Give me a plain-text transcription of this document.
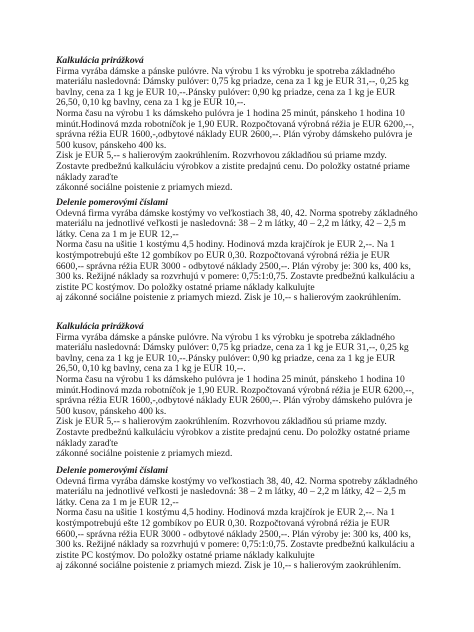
Kalkulácia prirážková
Firma vyrába dámske a pánske pulóvre. Na výrobu 1 ks výrobku je spotreba základného
materiálu nasledovná: Dámsky pulóver: 0,75 kg priadze, cena za 1 kg je EUR 31,--, 0,25 kg
bavlny, cena za 1 kg je EUR 10,--.Pánsky pulóver: 0,90 kg priadze, cena za 1 kg je EUR
26,50, 0,10 kg bavlny, cena za 1 kg je EUR 10,--.
Norma času na výrobu 1 ks dámskeho pulóvra je 1 hodina 25 minút, pánskeho 1 hodina 10
minút.Hodinová mzda robotníčok je 1,90 EUR. Rozpočtovaná výrobná réžia je EUR 6200,--,
správna réžia EUR 1600,-,odbytové náklady EUR 2600,--. Plán výroby dámskeho pulóvra je
500 kusov, pánskeho 400 ks.
Zisk je EUR 5,-- s halierovým zaokrúhlením. Rozvrhovou základňou sú priame mzdy.
Zostavte predbežnú kalkuláciu výrobkov a zistite predajnú cenu. Do položky ostatné priame
náklady zaraďte
zákonné sociálne poistenie z priamych miezd.
Delenie pomerovými číslami
Odevná firma vyrába dámske kostýmy vo veľkostiach 38, 40, 42. Norma spotreby základného
materiálu na jednotlivé veľkosti je nasledovná: 38 – 2 m látky, 40 – 2,2 m látky, 42 – 2,5 m
látky. Cena za 1 m je EUR 12,--
Norma času na ušitie 1 kostýmu 4,5 hodiny. Hodinová mzda krajčírok je EUR 2,--. Na 1
kostýmpotrebujú ešte 12 gombíkov po EUR 0,30. Rozpočtovaná výrobná réžia je EUR
6600,-- správna réžia EUR 3000 - odbytové náklady 2500,--. Plán výroby je: 300 ks, 400 ks,
300 ks. Režijné náklady sa rozvrhujú v pomere: 0,75:1:0,75. Zostavte predbežnú kalkuláciu a
zistite PC kostýmov. Do položky ostatné priame náklady kalkulujte
aj zákonné sociálne poistenie z priamych miezd. Zisk je 10,-- s halierovým zaokrúhlením.
Kalkulácia prirážková
Firma vyrába dámske a pánske pulóvre. Na výrobu 1 ks výrobku je spotreba základného
materiálu nasledovná: Dámsky pulóver: 0,75 kg priadze, cena za 1 kg je EUR 31,--, 0,25 kg
bavlny, cena za 1 kg je EUR 10,--.Pánsky pulóver: 0,90 kg priadze, cena za 1 kg je EUR
26,50, 0,10 kg bavlny, cena za 1 kg je EUR 10,--.
Norma času na výrobu 1 ks dámskeho pulóvra je 1 hodina 25 minút, pánskeho 1 hodina 10
minút.Hodinová mzda robotníčok je 1,90 EUR. Rozpočtovaná výrobná réžia je EUR 6200,--,
správna réžia EUR 1600,-,odbytové náklady EUR 2600,--. Plán výroby dámskeho pulóvra je
500 kusov, pánskeho 400 ks.
Zisk je EUR 5,-- s halierovým zaokrúhlením. Rozvrhovou základňou sú priame mzdy.
Zostavte predbežnú kalkuláciu výrobkov a zistite predajnú cenu. Do položky ostatné priame
náklady zaraďte
zákonné sociálne poistenie z priamych miezd.
Delenie pomerovými číslami
Odevná firma vyrába dámske kostýmy vo veľkostiach 38, 40, 42. Norma spotreby základného
materiálu na jednotlivé veľkosti je nasledovná: 38 – 2 m látky, 40 – 2,2 m látky, 42 – 2,5 m
látky. Cena za 1 m je EUR 12,--
Norma času na ušitie 1 kostýmu 4,5 hodiny. Hodinová mzda krajčírok je EUR 2,--. Na 1
kostýmpotrebujú ešte 12 gombíkov po EUR 0,30. Rozpočtovaná výrobná réžia je EUR
6600,-- správna réžia EUR 3000 - odbytové náklady 2500,--. Plán výroby je: 300 ks, 400 ks,
300 ks. Režijné náklady sa rozvrhujú v pomere: 0,75:1:0,75. Zostavte predbežnú kalkuláciu a
zistite PC kostýmov. Do položky ostatné priame náklady kalkulujte
aj zákonné sociálne poistenie z priamych miezd. Zisk je 10,-- s halierovým zaokrúhlením.
